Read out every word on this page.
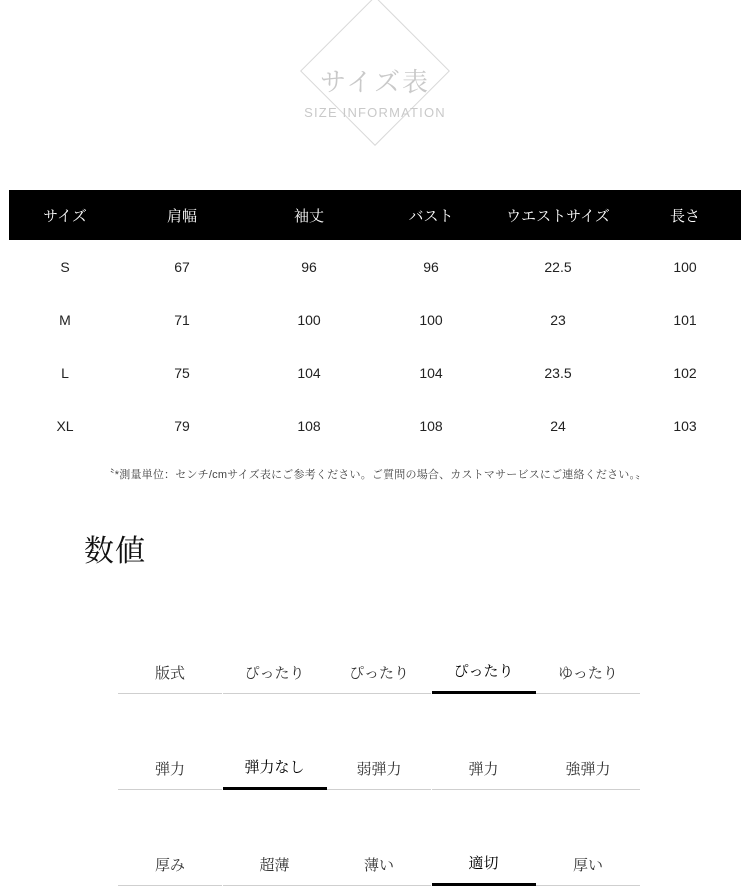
サイズ表
SIZE INFORMATION
サイズ	肩幅	袖丈	バスト	ウエストサイズ	長さ
S	67	96	96	22.5	100
M	71	100	100	23	101
L	75	104	104	23.5	102
XL	79	108	108	24	103
〝*測量単位：センチ/cmサイズ表にご参考ください。ご質問の場合、カストマサービスにご連絡ください。〟
数値
版式	ぴったり	ぴったり	ぴったり	ゆったり
弾力	弾力なし	弱弾力	弾力	強弾力
厚み	超薄	薄い	適切	厚い
